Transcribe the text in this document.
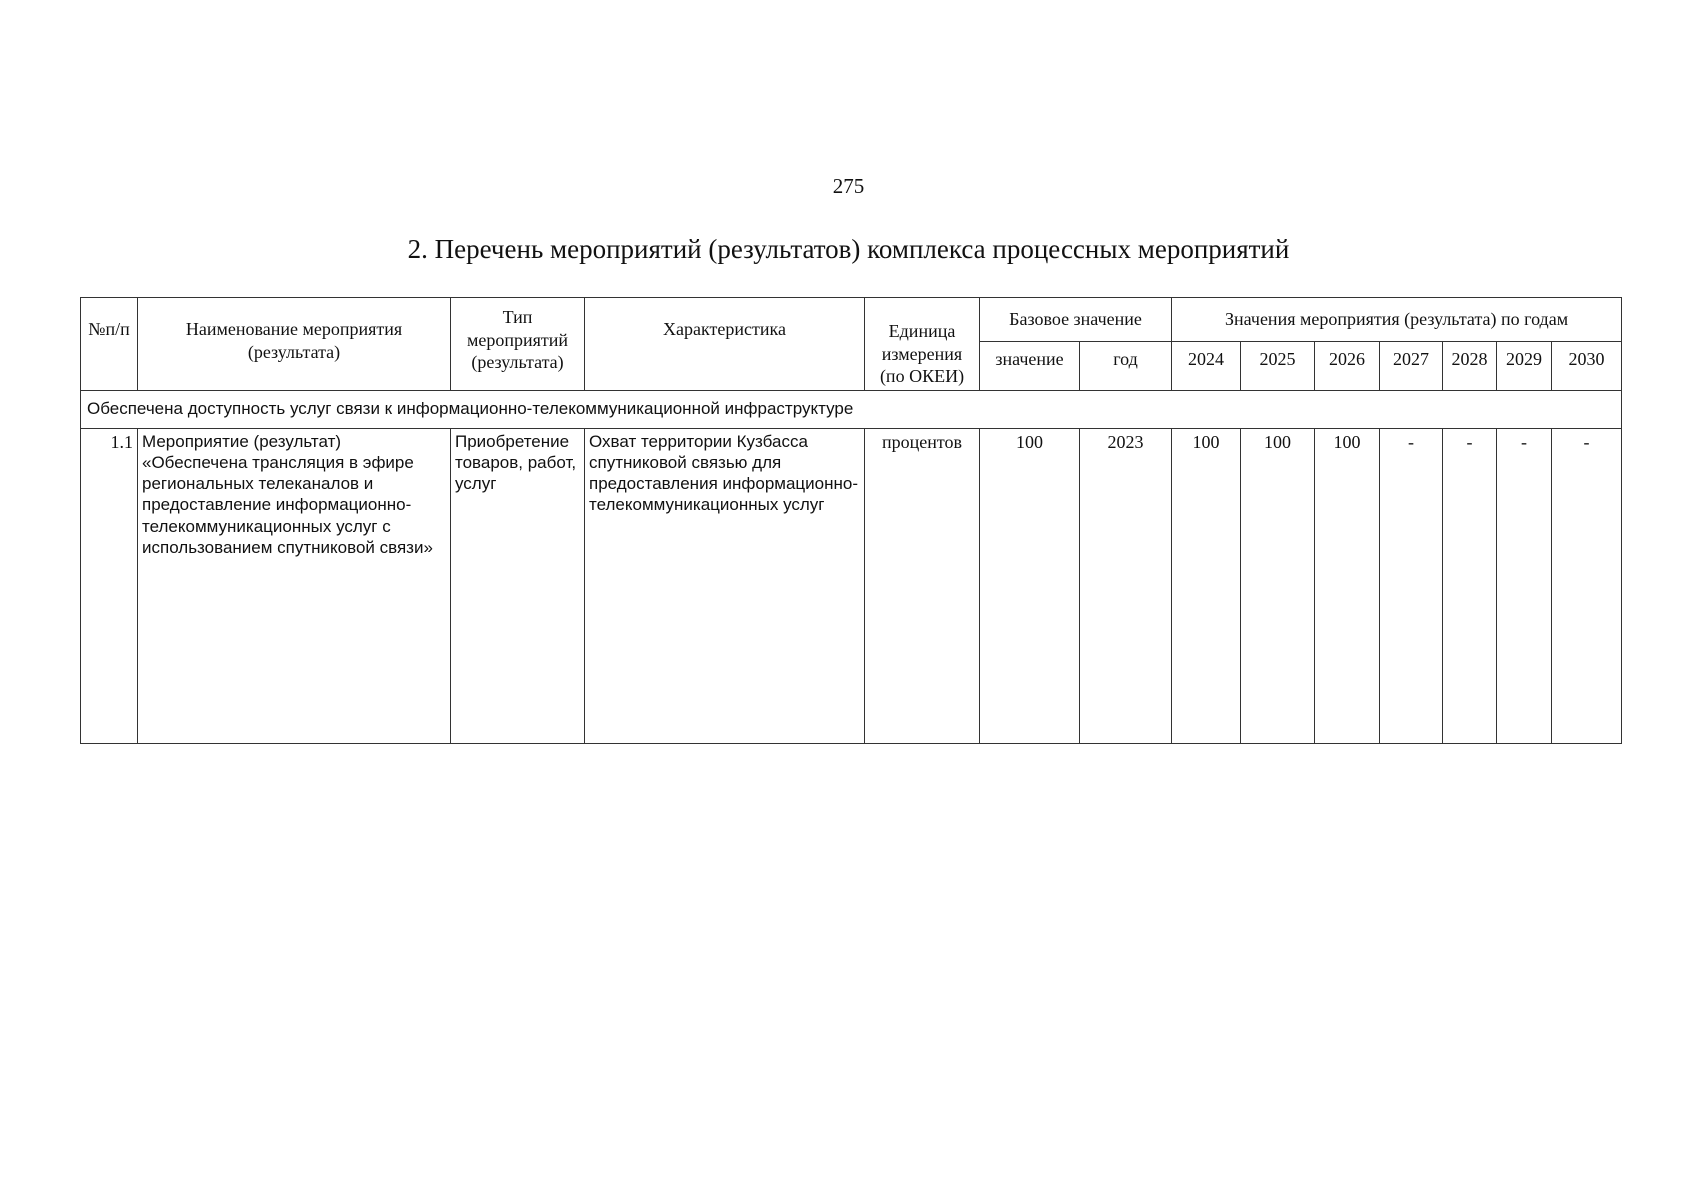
275
2. Перечень мероприятий (результатов) комплекса процессных мероприятий
№п/п	Наименование мероприятия (результата)	Тип мероприятий (результата)	Характеристика	Единица измерения (по ОКЕИ)	Базовое значение		Значения мероприятия (результата) по годам						
					значение	год	2024	2025	2026	2027	2028	2029	2030
Обеспечена доступность услуг связи к информационно-телекоммуникационной инфраструктуре													
1.1	Мероприятие (результат) «Обеспечена трансляция в эфире региональных телеканалов и предоставление информационно-телекоммуникационных услуг с использованием спутниковой связи»	Приобретение товаров, работ, услуг	Охват территории Кузбасса спутниковой связью для предоставления информационно-телекоммуникационных услуг	процентов	100	2023	100	100	100	-	-	-	-
